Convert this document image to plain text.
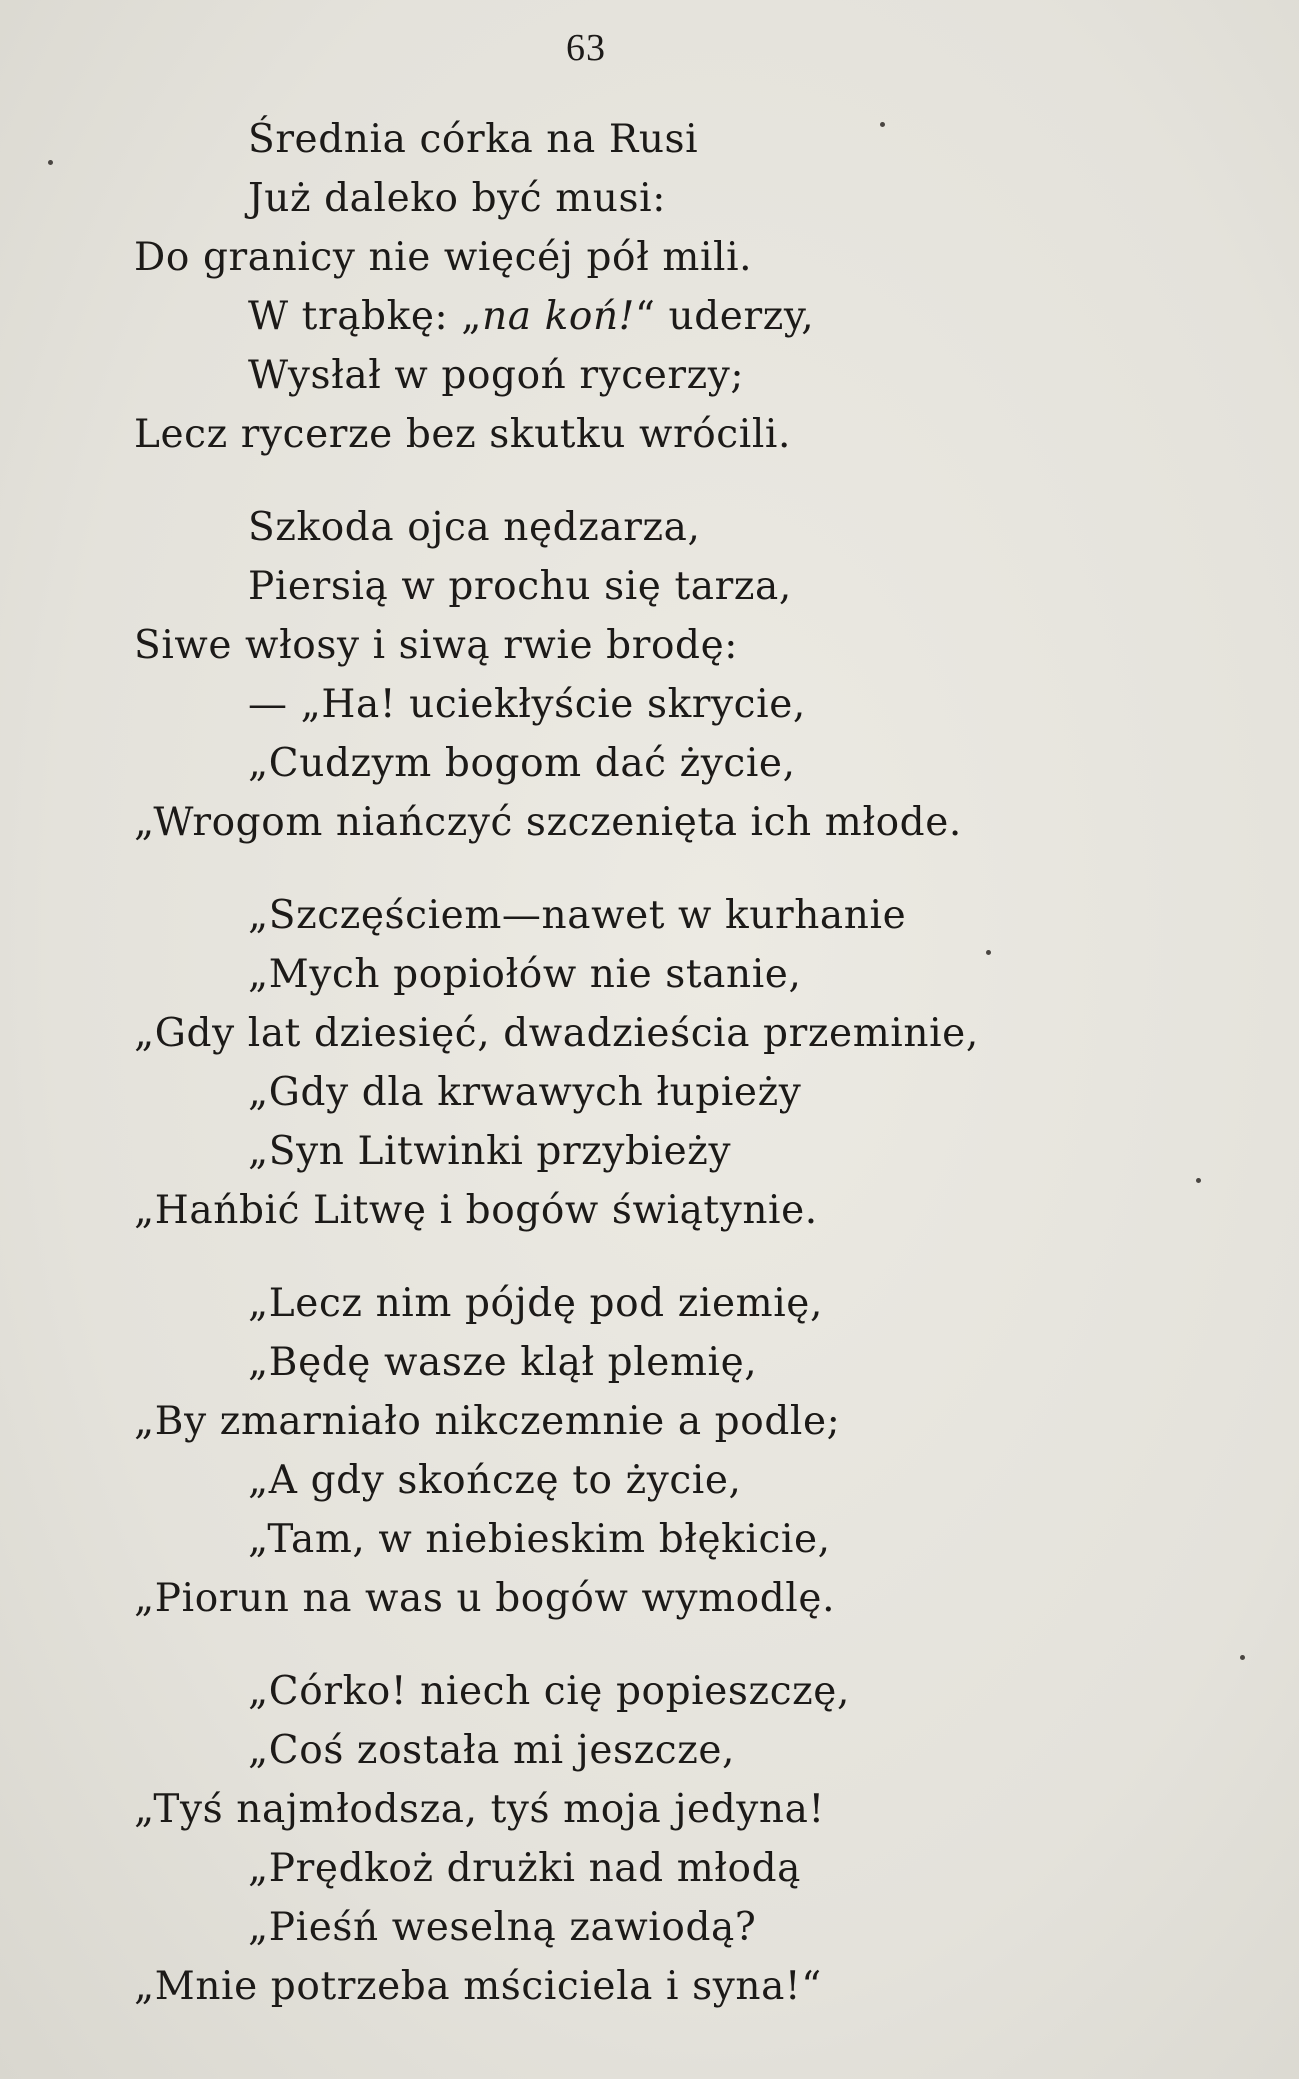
63
Średnia córka na Rusi
Już daleko być musi:
Do granicy nie więcéj pół mili.
W trąbkę: „na koń!“ uderzy,
Wysłał w pogoń rycerzy;
Lecz rycerze bez skutku wrócili.
Szkoda ojca nędzarza,
Piersią w prochu się tarza,
Siwe włosy i siwą rwie brodę:
— „Ha! uciekłyście skrycie,
„Cudzym bogom dać życie,
„Wrogom niańczyć szczenięta ich młode.
„Szczęściem—nawet w kurhanie
„Mych popiołów nie stanie,
„Gdy lat dziesięć, dwadzieścia przeminie,
„Gdy dla krwawych łupieży
„Syn Litwinki przybieży
„Hańbić Litwę i bogów świątynie.
„Lecz nim pójdę pod ziemię,
„Będę wasze klął plemię,
„By zmarniało nikczemnie a podle;
„A gdy skończę to życie,
„Tam, w niebieskim błękicie,
„Piorun na was u bogów wymodlę.
„Córko! niech cię popieszczę,
„Coś została mi jeszcze,
„Tyś najmłodsza, tyś moja jedyna!
„Prędkoż drużki nad młodą
„Pieśń weselną zawiodą?
„Mnie potrzeba mściciela i syna!“
